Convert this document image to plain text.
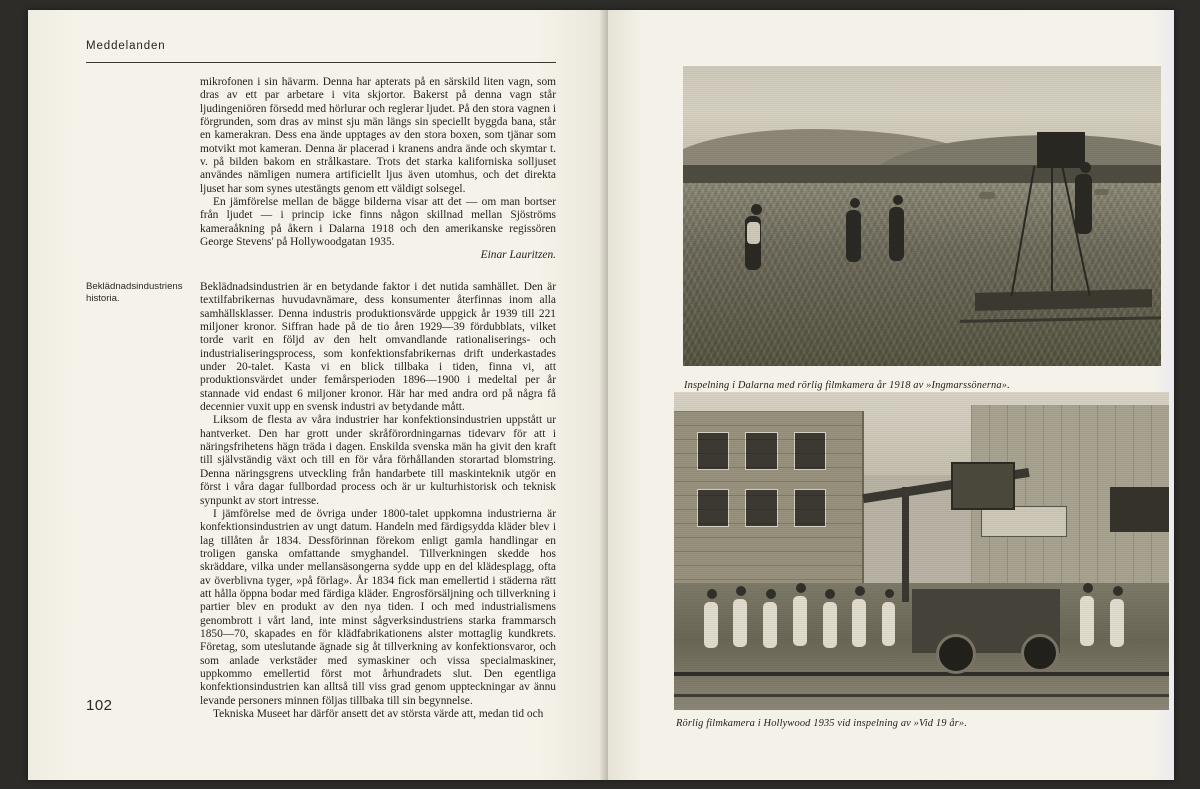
Meddelanden

mikrofonen i sin hävarm. Denna har apterats på en särskild liten vagn, som dras av ett par arbetare i vita skjortor. Bakerst på denna vagn står ljudingeniören försedd med hörlurar och reglerar ljudet. På den stora vagnen i förgrunden, som dras av minst sju män längs sin speciellt byggda bana, står en kamerakran. Dess ena ände upptages av den stora boxen, som tjänar som motvikt mot kameran. Denna är placerad i kranens andra ände och skymtar t. v. på bilden bakom en strålkastare. Trots det starka kaliforniska solljuset användes nämligen numera artificiellt ljus även utomhus, och det direkta ljuset har som synes utestängts genom ett väldigt solsegel.

En jämförelse mellan de bägge bilderna visar att det — om man bortser från ljudet — i princip icke finns någon skillnad mellan Sjöströms kameraåkning på åkern i Dalarna 1918 och den amerikanske regissören George Stevens' på Hollywoodgatan 1935.

Einar Lauritzen.

Beklädnadsindustriens historia.

Beklädnadsindustrien är en betydande faktor i det nutida samhället. Den är textilfabrikernas huvudavnämare, dess konsumenter återfinnas inom alla samhällsklasser. Denna industris produktionsvärde uppgick år 1939 till 221 miljoner kronor. Siffran hade på de tio åren 1929—39 fördubblats, vilket torde varit en följd av den helt omvandlande rationaliserings- och industrialiseringsprocess, som konfektionsfabrikernas drift underkastades under 20-talet. Kasta vi en blick tillbaka i tiden, finna vi, att produktionsvärdet under femårsperioden 1896—1900 i medeltal per år stannade vid endast 6 miljoner kronor. Här har med andra ord på några få decennier vuxit upp en svensk industri av betydande mått.

Liksom de flesta av våra industrier har konfektionsindustrien uppstått ur hantverket. Den har grott under skråförordningarnas tidevarv för att i näringsfrihetens hägn träda i dagen. Enskilda svenska män ha givit den kraft till självständig växt och till en för våra förhållanden storartad blomstring. Denna näringsgrens utveckling från handarbete till maskinteknik utgör en först i våra dagar fullbordad process och är ur kulturhistorisk och teknisk synpunkt av stort intresse.

I jämförelse med de övriga under 1800-talet uppkomna industrierna är konfektionsindustrien av ungt datum. Handeln med färdigsydda kläder blev i lag tillåten år 1834. Dessförinnan förekom enligt gamla handlingar en troligen ganska omfattande smyghandel. Tillverkningen skedde hos skräddare, vilka under mellansäsongerna sydde upp en del klädesplagg, ofta av överblivna tyger, »på förlag». År 1834 fick man emellertid i städerna rätt att hålla öppna bodar med färdiga kläder. Engrosförsäljning och tillverkning i partier blev en produkt av den nya tiden. I och med industrialismens genombrott i vårt land, inte minst sågverksindustriens starka frammarsch 1850—70, skapades en för klädfabrikationens alster mottaglig kundkrets. Företag, som uteslutande ägnade sig åt tillverkning av konfektionsvaror, och som anlade verkstäder med symaskiner och vissa specialmaskiner, uppkommo emellertid först mot århundradets slut. Den egentliga konfektionsindustrien kan alltså till viss grad genom uppteckningar av ännu levande personers minnen följas tillbaka till sin begynnelse.

Tekniska Museet har därför ansett det av största värde att, medan tid och

102
Inspelning i Dalarna med rörlig filmkamera år 1918 av »Ingmarssönerna».
Rörlig filmkamera i Hollywood 1935 vid inspelning av »Vid 19 år».
